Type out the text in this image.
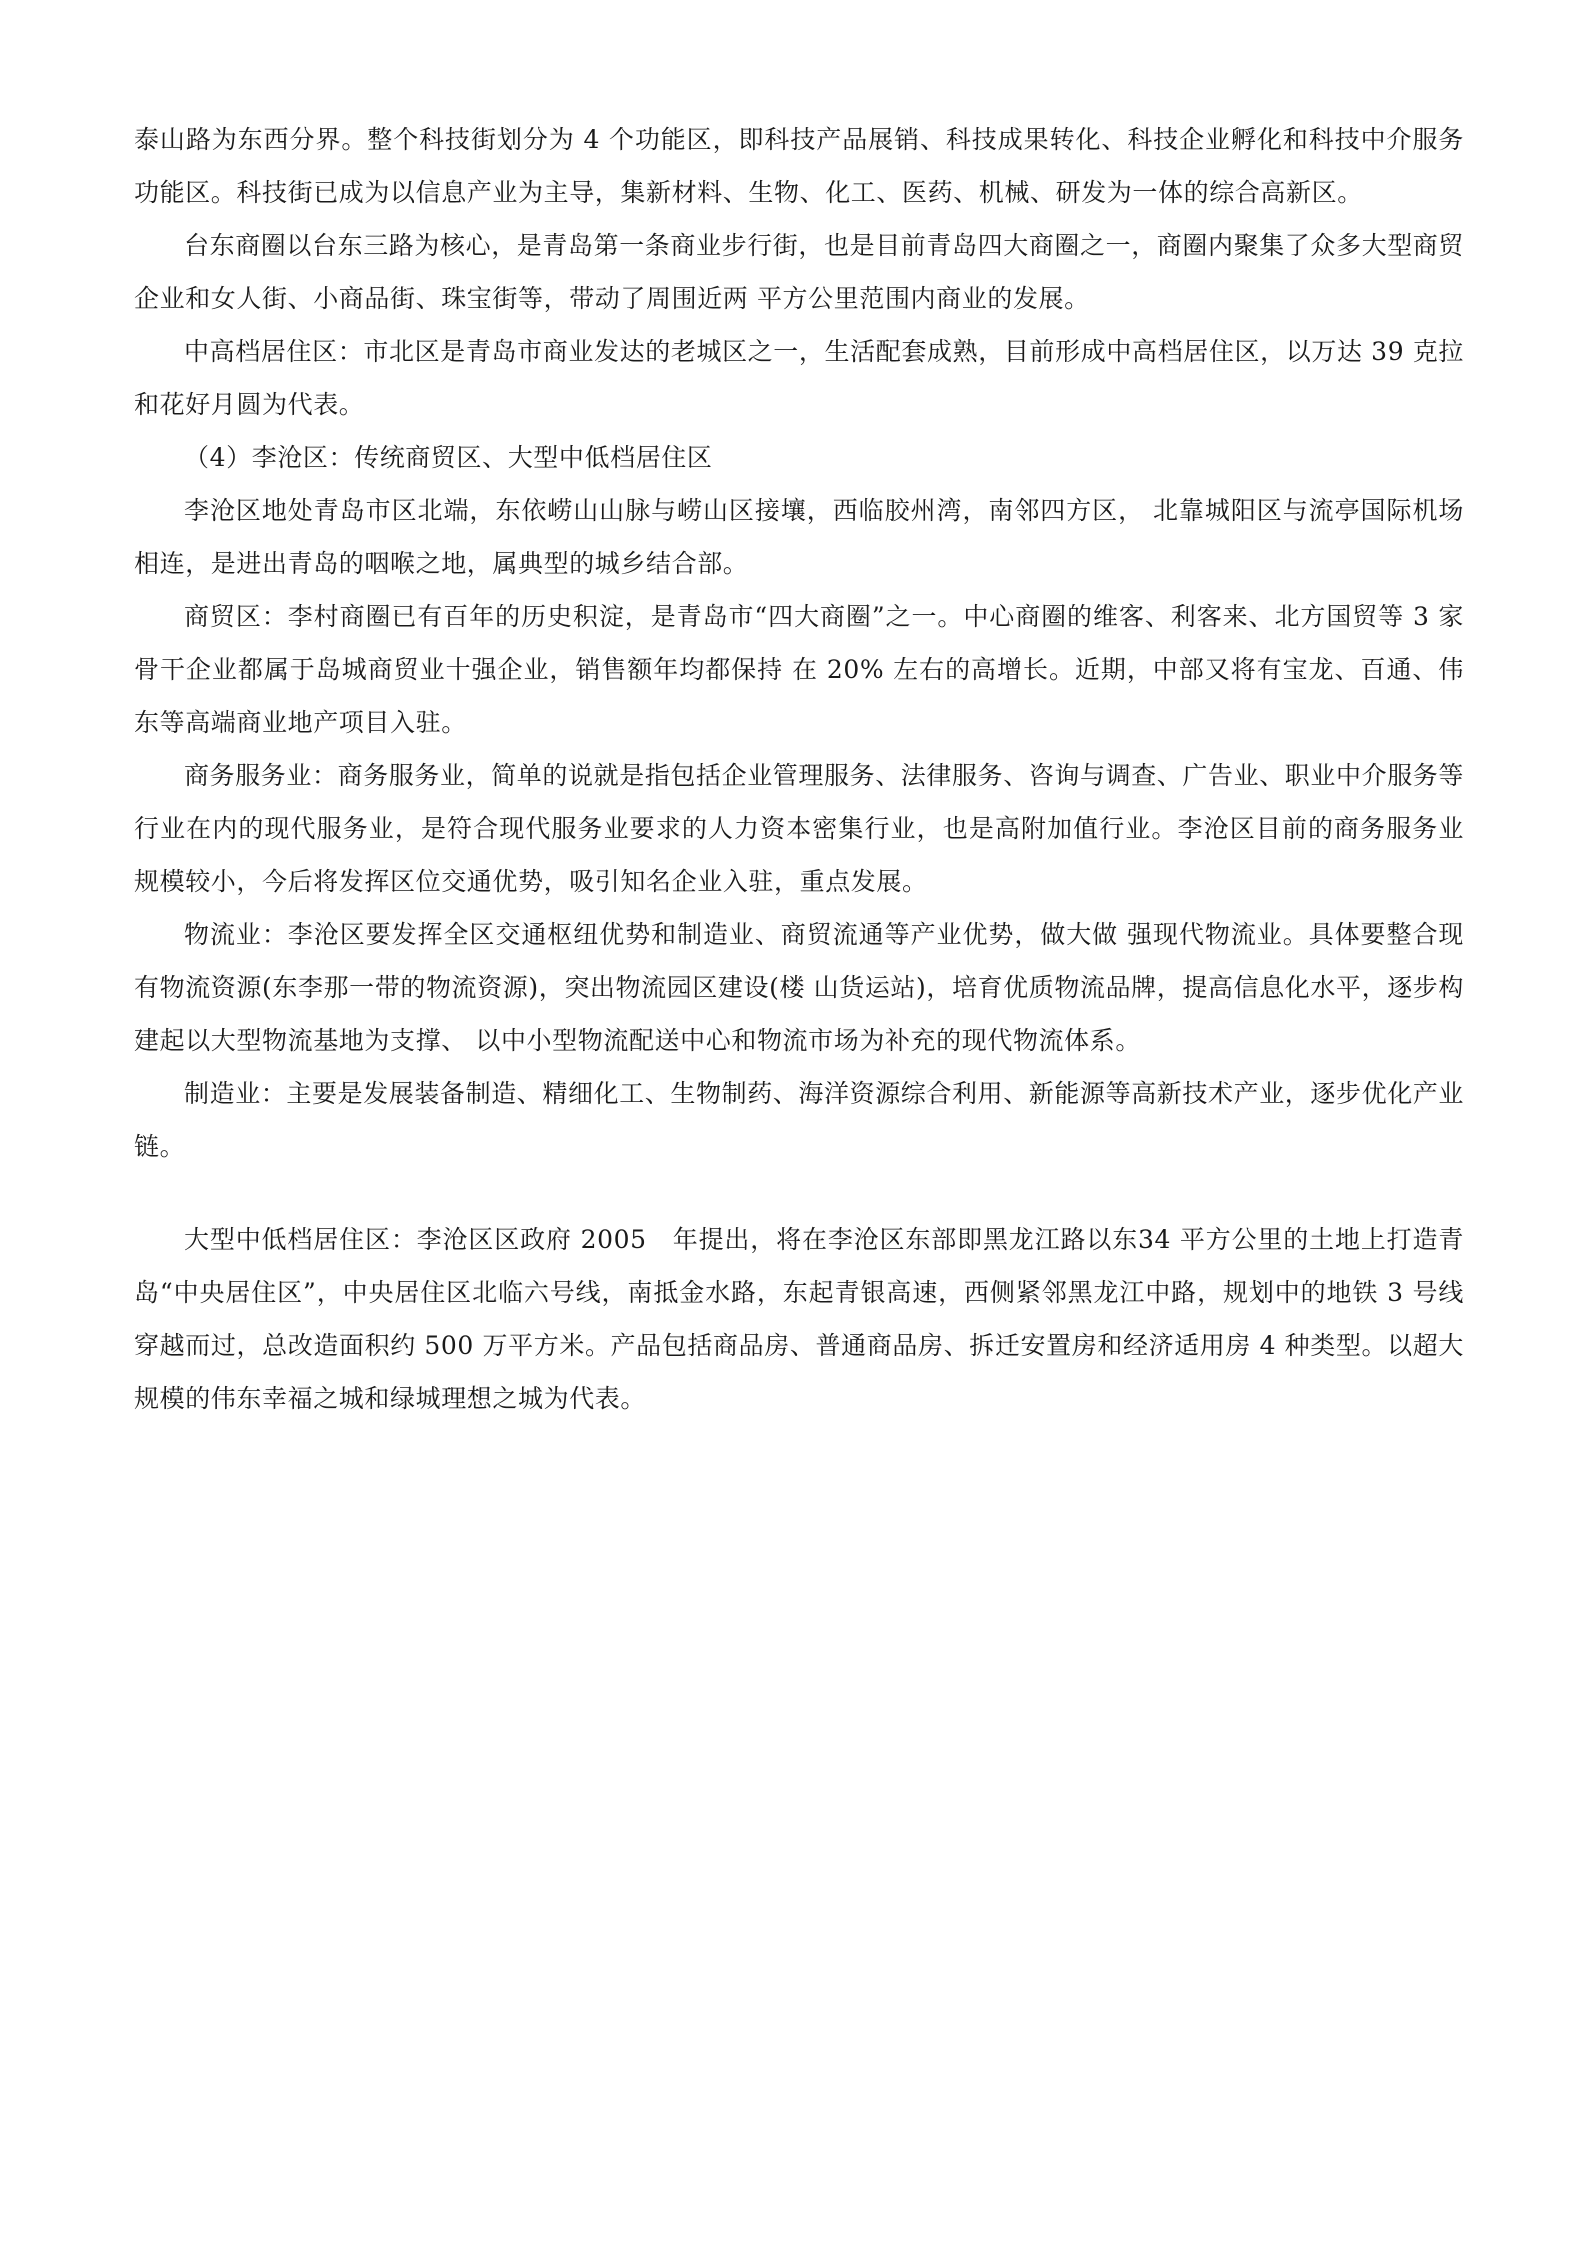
泰山路为东西分界。整个科技街划分为 4 个功能区，即科技产品展销、科技成果转化、科技企业孵化和科技中介服务功能区。科技街已成为以信息产业为主导，集新材料、生物、化工、医药、机械、研发为一体的综合高新区。

台东商圈以台东三路为核心，是青岛第一条商业步行街，也是目前青岛四大商圈之一，商圈内聚集了众多大型商贸企业和女人街、小商品街、珠宝街等，带动了周围近两 平方公里范围内商业的发展。

中高档居住区：市北区是青岛市商业发达的老城区之一，生活配套成熟，目前形成中高档居住区，以万达 39 克拉和花好月圆为代表。

（4）李沧区：传统商贸区、大型中低档居住区

李沧区地处青岛市区北端，东依崂山山脉与崂山区接壤，西临胶州湾，南邻四方区， 北靠城阳区与流亭国际机场相连，是进出青岛的咽喉之地，属典型的城乡结合部。

商贸区：李村商圈已有百年的历史积淀，是青岛市“四大商圈”之一。中心商圈的维客、利客来、北方国贸等 3 家骨干企业都属于岛城商贸业十强企业，销售额年均都保持 在 20% 左右的高增长。近期，中部又将有宝龙、百通、伟东等高端商业地产项目入驻。

商务服务业：商务服务业，简单的说就是指包括企业管理服务、法律服务、咨询与调查、广告业、职业中介服务等行业在内的现代服务业，是符合现代服务业要求的人力资本密集行业，也是高附加值行业。李沧区目前的商务服务业规模较小，今后将发挥区位交通优势，吸引知名企业入驻，重点发展。

物流业：李沧区要发挥全区交通枢纽优势和制造业、商贸流通等产业优势，做大做 强现代物流业。具体要整合现有物流资源(东李那一带的物流资源)，突出物流园区建设(楼 山货运站)，培育优质物流品牌，提高信息化水平，逐步构建起以大型物流基地为支撑、 以中小型物流配送中心和物流市场为补充的现代物流体系。

制造业：主要是发展装备制造、精细化工、生物制药、海洋资源综合利用、新能源等高新技术产业，逐步优化产业链。

大型中低档居住区：李沧区区政府 2005　年提出，将在李沧区东部即黑龙江路以东34 平方公里的土地上打造青岛“中央居住区”，中央居住区北临六号线，南抵金水路，东起青银高速，西侧紧邻黑龙江中路，规划中的地铁 3 号线穿越而过，总改造面积约 500 万平方米。产品包括商品房、普通商品房、拆迁安置房和经济适用房 4 种类型。以超大规模的伟东幸福之城和绿城理想之城为代表。
